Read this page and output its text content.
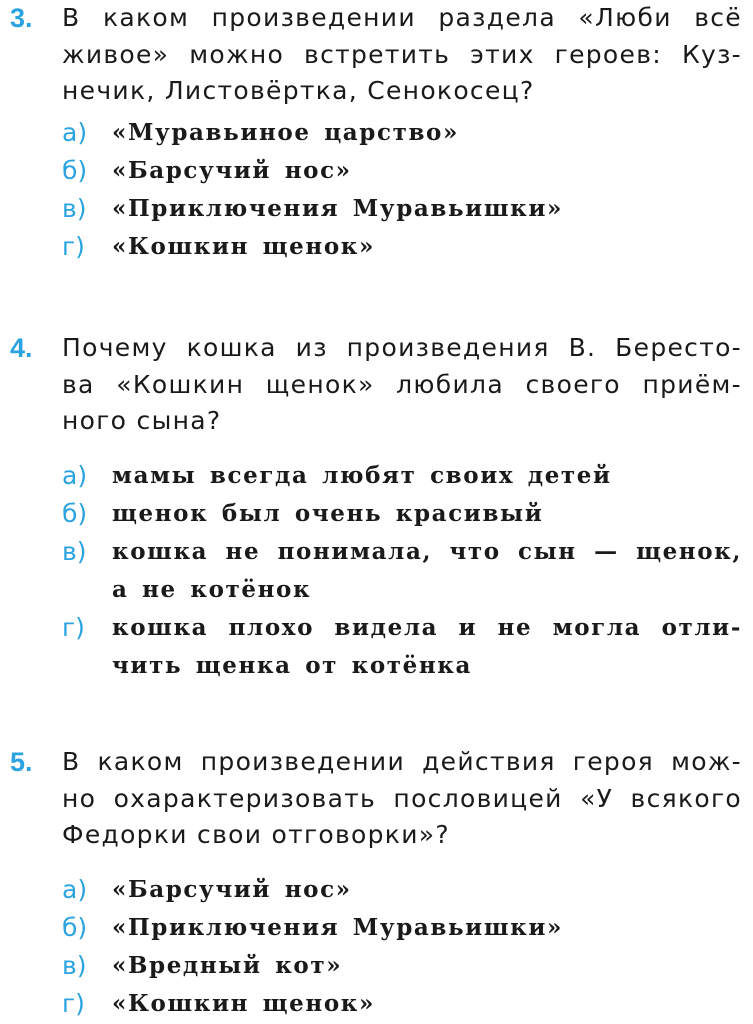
3. В каком произведении раздела «Люби всё
живое» можно встретить этих героев: Куз-
нечик, Листовёртка, Сенокосец?

а) «Муравьиное царство»
б) «Барсучий нос»
в) «Приключения Муравьишки»
г) «Кошкин щенок»
4. Почему кошка из произведения В. Бересто-
ва «Кошкин щенок» любила своего приём-
ного сына?

а) мамы всегда любят своих детей
б) щенок был очень красивый
в) кошка не понимала, что сын — щенок,
а не котёнок
г) кошка плохо видела и не могла отли-
чить щенка от котёнка
5. В каком произведении действия героя мож-
но охарактеризовать пословицей «У всякого
Федорки свои отговорки»?

а) «Барсучий нос»
б) «Приключения Муравьишки»
в) «Вредный кот»
г) «Кошкин щенок»
